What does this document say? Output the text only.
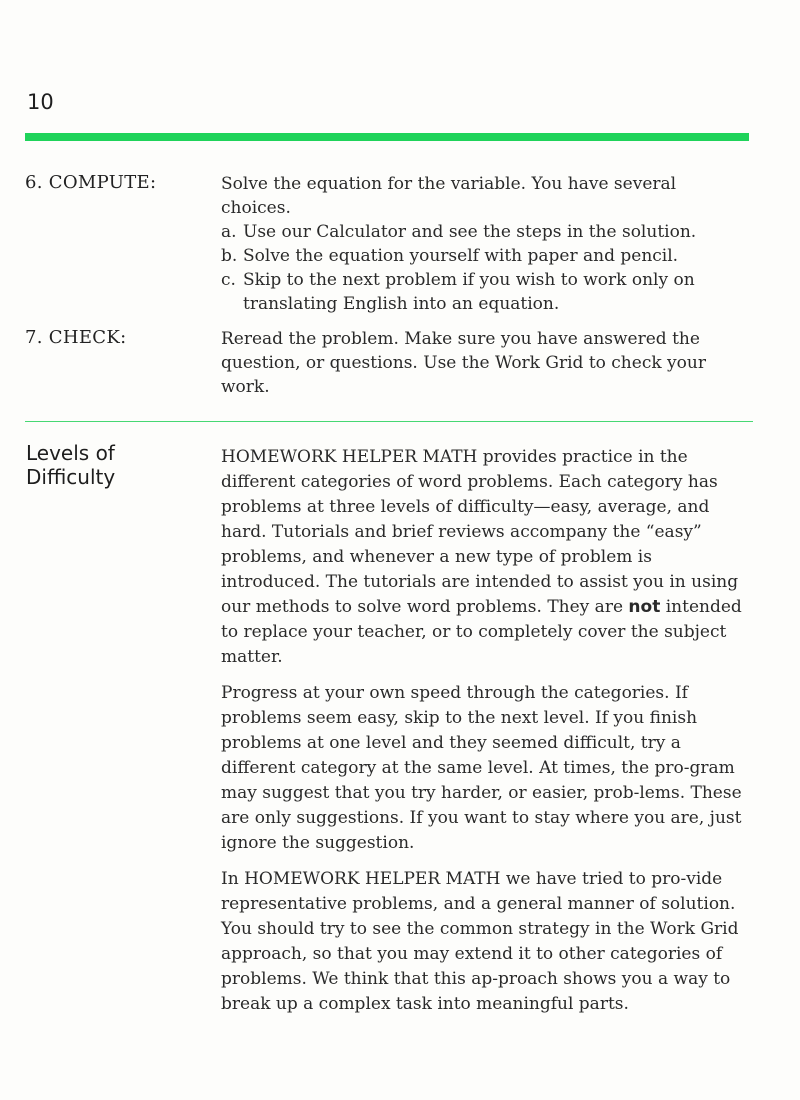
10
6. COMPUTE:	Solve the equation for the variable. You have several choices.

a. Use our Calculator and see the steps in the solution.
b. Solve the equation yourself with paper and pencil.
c. Skip to the next problem if you wish to work only on translating English into an equation.
7. CHECK:	Reread the problem. Make sure you have answered the question, or questions. Use the Work Grid to check your work.

Levels of
Difficulty

HOMEWORK HELPER MATH provides practice in the different categories of word problems. Each category has problems at three levels of difficulty—easy, average, and hard. Tutorials and brief reviews accompany the “easy” problems, and whenever a new type of problem is introduced. The tutorials are intended to assist you in using our methods to solve word problems. They are not intended to replace your teacher, or to completely cover the subject matter.

Progress at your own speed through the categories. If problems seem easy, skip to the next level. If you finish problems at one level and they seemed difficult, try a different category at the same level. At times, the pro-gram may suggest that you try harder, or easier, prob-lems. These are only suggestions. If you want to stay where you are, just ignore the suggestion.

In HOMEWORK HELPER MATH we have tried to pro-vide representative problems, and a general manner of solution. You should try to see the common strategy in the Work Grid approach, so that you may extend it to other categories of problems. We think that this ap-proach shows you a way to break up a complex task into meaningful parts.
